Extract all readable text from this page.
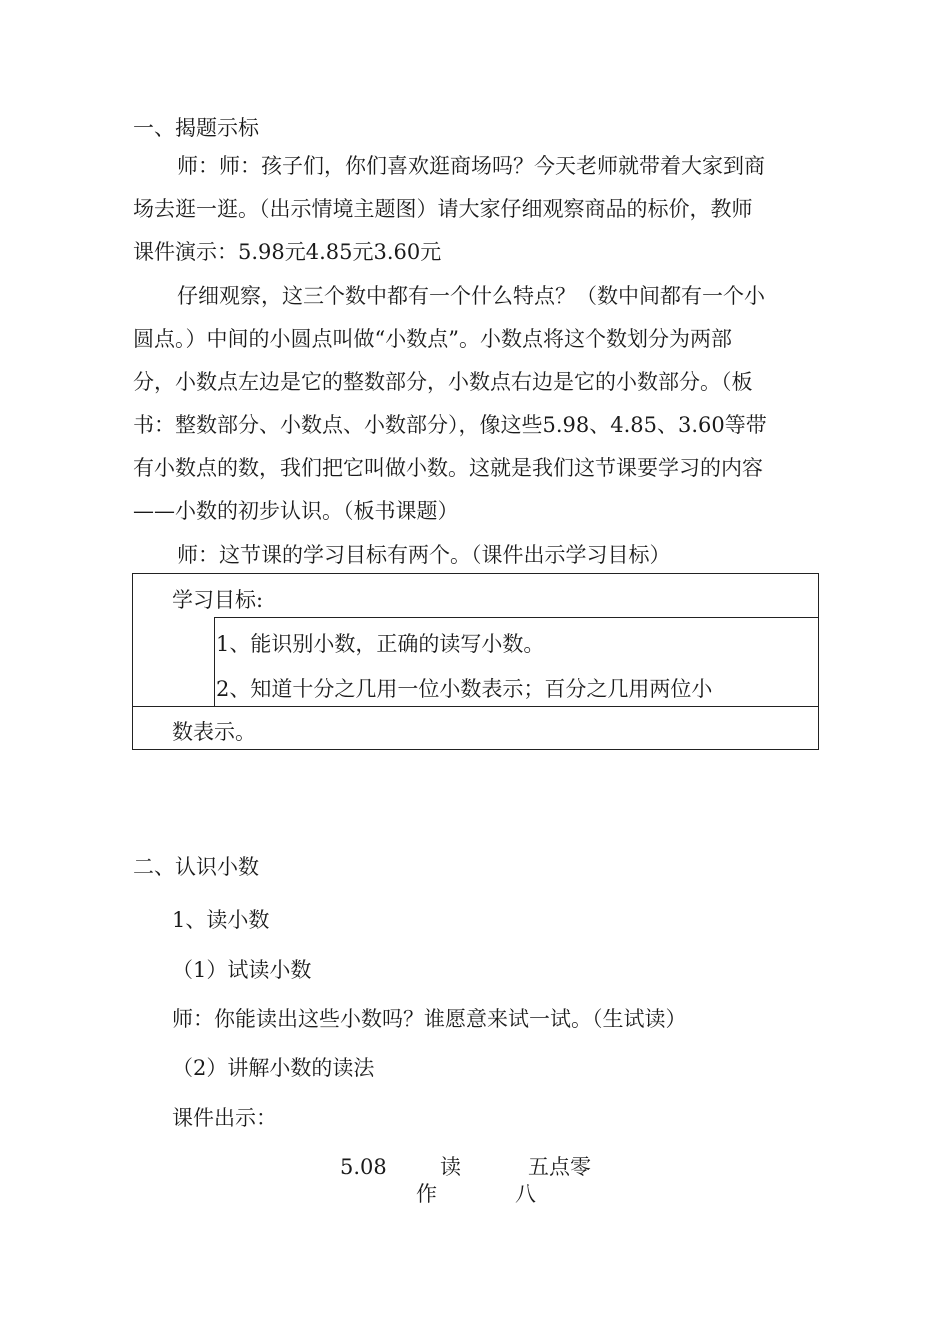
一、揭题示标
师：师：孩子们，你们喜欢逛商场吗？今天老师就带着大家到商
场去逛一逛。（出示情境主题图）请大家仔细观察商品的标价，教师
课件演示：5.98元4.85元3.60元
仔细观察，这三个数中都有一个什么特点？（数中间都有一个小
圆点。）中间的小圆点叫做“小数点”。小数点将这个数划分为两部
分，小数点左边是它的整数部分，小数点右边是它的小数部分。（板
书：整数部分、小数点、小数部分），像这些5.98、4.85、3.60等带
有小数点的数，我们把它叫做小数。这就是我们这节课要学习的内容
——小数的初步认识。（板书课题）
师：这节课的学习目标有两个。（课件出示学习目标）
学习目标:
1、能识别小数，正确的读写小数。
2、知道十分之几用一位小数表示；百分之几用两位小
数表示。
二、认识小数
1、读小数
（1）试读小数
师：你能读出这些小数吗？谁愿意来试一试。（生试读）
（2）讲解小数的读法
课件出示：
5.08	读	五点零
作	八
